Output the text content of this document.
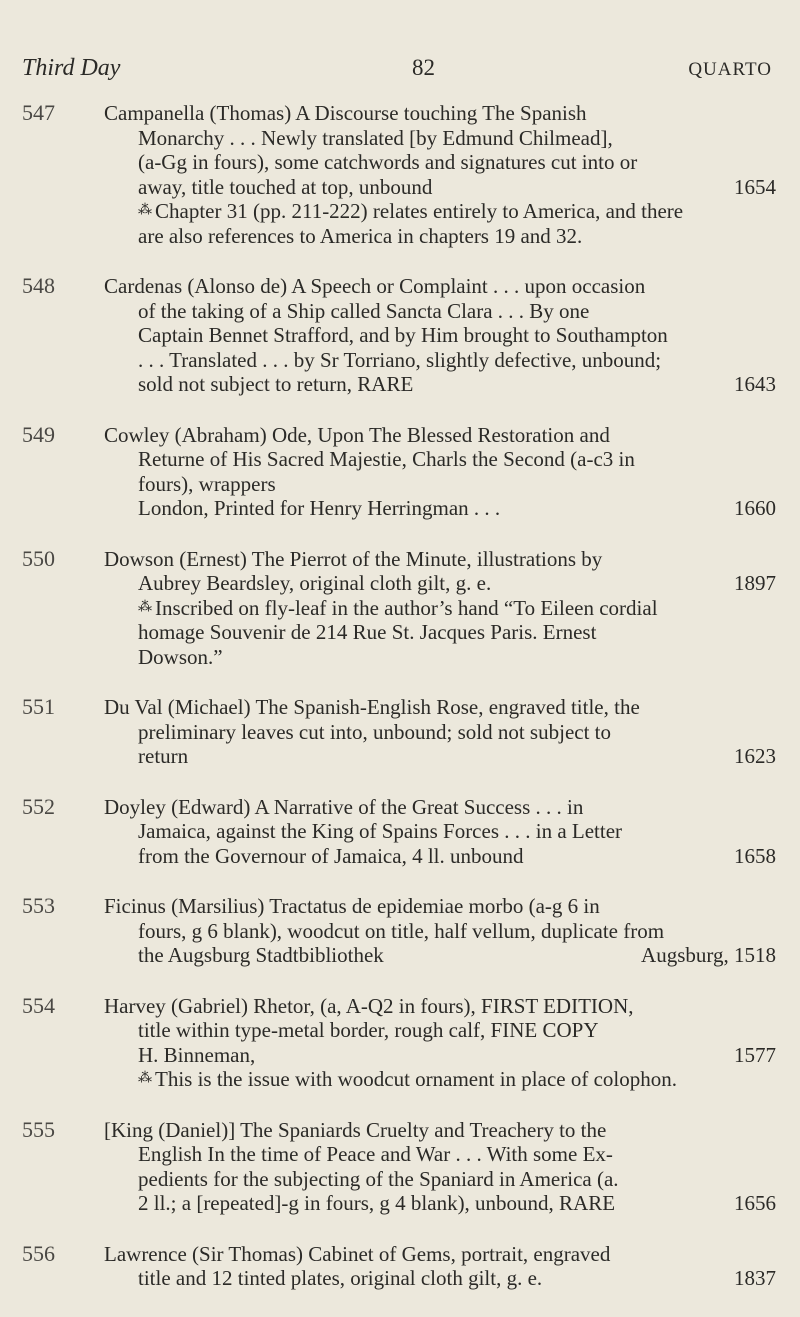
Third Day	82	QUARTO
547 Campanella (Thomas) A Discourse touching The Spanish
Monarchy . . . Newly translated [by Edmund Chilmead],
(a-Gg in fours), some catchwords and signatures cut into or
away, title touched at top, unbound	1654
⁂ Chapter 31 (pp. 211-222) relates entirely to America, and there
are also references to America in chapters 19 and 32.
548 Cardenas (Alonso de) A Speech or Complaint . . . upon occasion
of the taking of a Ship called Sancta Clara . . . By one
Captain Bennet Strafford, and by Him brought to Southampton
. . . Translated . . . by Sr Torriano, slightly defective, unbound;
sold not subject to return, RARE	1643
549 Cowley (Abraham) Ode, Upon The Blessed Restoration and
Returne of His Sacred Majestie, Charls the Second (a-c3 in
fours), wrappers
London, Printed for Henry Herringman . . .	1660
550 Dowson (Ernest) The Pierrot of the Minute, illustrations by
Aubrey Beardsley, original cloth gilt, g. e.	1897
⁂ Inscribed on fly-leaf in the author’s hand “To Eileen cordial
homage Souvenir de 214 Rue St. Jacques Paris. Ernest
Dowson.”
551 Du Val (Michael) The Spanish-English Rose, engraved title, the
preliminary leaves cut into, unbound; sold not subject to
return	1623
552 Doyley (Edward) A Narrative of the Great Success . . . in
Jamaica, against the King of Spains Forces . . . in a Letter
from the Governour of Jamaica, 4 ll. unbound	1658
553 Ficinus (Marsilius) Tractatus de epidemiae morbo (a-g 6 in
fours, g 6 blank), woodcut on title, half vellum, duplicate from
the Augsburg Stadtbibliothek	Augsburg, 1518
554 Harvey (Gabriel) Rhetor, (a, A-Q2 in fours), FIRST EDITION,
title within type-metal border, rough calf, FINE COPY
H. Binneman,	1577
⁂ This is the issue with woodcut ornament in place of colophon.
555 [King (Daniel)] The Spaniards Cruelty and Treachery to the
English In the time of Peace and War . . . With some Ex-
pedients for the subjecting of the Spaniard in America (a.
2 ll.; a [repeated]-g in fours, g 4 blank), unbound, RARE	1656
556 Lawrence (Sir Thomas) Cabinet of Gems, portrait, engraved
title and 12 tinted plates, original cloth gilt, g. e.	1837
